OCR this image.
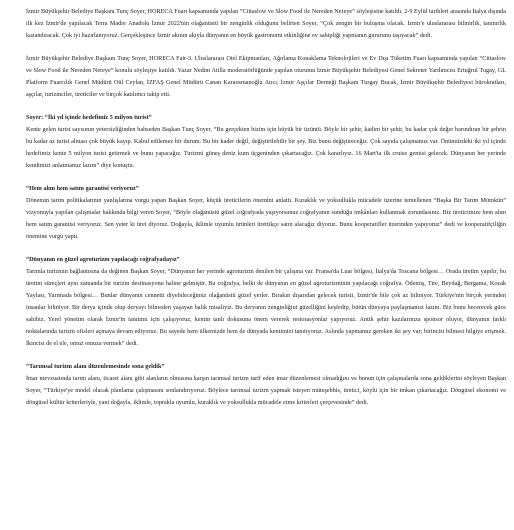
İzmir Büyükşehir Belediye Başkanı Tunç Soyer, HORECA Fuarı kapsamında yapılan “Cittaslow ve Slow Food ile Nereden Nereye” söyleşisine katıldı. 2-9 Eylül tarihleri arasında İtalya dışında ilk kez İzmir'de yapılacak Terra Madre Anadolu İzmir 2022'nin olağanüstü bir zenginlik olduğunu belirten Soyer, “Çok zengin bir buluşma olacak. İzmir'e uluslararası bilinirlik, tanınırlık kazandıracak. Çok iyi hazırlanıyoruz. Gerçekleşince İzmir akının akıyla dünyanın en büyük gastronomi etkinliğine ev sahipliği yapmanın gururunu taşıyacak” dedi.

İzmir Büyükşehir Belediye Başkanı Tunç Soyer, HORECA Fair-3. Uluslararası Otel Ekipmanları, Ağırlama Konaklama Teknolojileri ve Ev Dışı Tüketim Fuarı kapsamında yapılan “Cittaslow ve Slow Food ile Nereden Nereye” konulu söyleşiye katıldı. Yazar Nedim Atilla moderatörlüğünde yapılan oturumu İzmir Büyükşehir Belediyesi Genel Sekreter Yardımcısı Ertuğrul Tugay, GL Platform Fuarcılık Genel Müdürü Oül Ceylan, İZFAŞ Genel Müdürü Canan Karaosmanoğlu Atıcı, İzmir Aşçılar Derneği Başkanı Turgay Bucak, İzmir Büyükşehir Belediyesi bürokratları, aşçılar, turizmciler, üreticiler ve birçok katılımcı takip etti.

Soyer: “İki yıl içinde hedefimiz 5 milyon turist”

Kente gelen turist sayısının yetersizliğinden bahseden Başkan Tunç Soyer, “Bu gerçekten bizim için büyük bir üzüntü. Böyle bir şehir, kadim bir şehir, bu kadar çok değer barındıran bir şehrin bu kadar az turist alması çok büyük kayıp. Kabul edilemez bir durum. Bu bir kader değil, değiştirilebilir bir şey. Biz bunu değiştireceğiz. Çok sayıda çalışmamız var. Önümüzdeki iki yıl içinde hedefimiz kente 5 milyon turist getirmek ve bunu yapacağız. Turizmi güneş deniz kum üçgeninden çıkartacağız. Çok kararlıyız. 16 Mart'ta ilk cruise gemisi gelecek. Dünyanın her yerinde kendimizi anlatmamız lazım” diye konuştu.

“Hem alım hem satım garantisi veriyoruz”

Dönemin tarım politikalarının yanlışlarına vurgu yapan Başkan Soyer, küçük üreticilerin önemini anlattı. Kuraklık ve yoksullukla mücadele üzerine temellenen “Başka Bir Tarım Mümkün” vizyonuyla yapılan çalışmalar hakkında bilgi veren Soyer, “Böyle olağanüstü güzel coğrafyada yaşıyorsunuz coğrafyanın sunduğu imkânları kullanmak zorundasınız. Biz üreticimize hem alım hem satım garantisi veriyoruz. Sen yeter ki üret diyoruz. Doğayla, iklimle uyumlu ürünleri ürettikçe satın alacağız diyoruz. Bunu kooperatifler üzerinden yapıyoruz” dedi ve kooperatifçiliğin önemine vurgu yaptı.

“Dünyanın en güzel agroturizm yapılacağı coğrafyadayız”

Tarımla turizmin bağlantısına da değinen Başkan Soyer, “Dünyanın her yerinde agroturizm denilen bir çalışma var. Fransa'da Luar bölgesi, İtalya'da Toscana bölgesi… Orada üretim yapılır, bu üretim süreçleri aynı zamanda bir turizm destinasyonu haline gelmiştir. Bu coğrafya, belki de dünyanın en güzel agroturizminin yapılacağı coğrafya. Ödemiş, Tire, Beydağ, Bergama, Kozak Yaylası, Yarımada bölgesi… Bunlar dünyanın cennetti diyebileceğimiz olağanüstü güzel yerler. Bırakın dışarıdan gelecek turisti, İzmir'de bile çok az biliniyor. Türkiye'nin birçok yerinden insanlar biliniyor. Bir derya içinde olup deryayı bilmeden yaşayan balık misaliyiz. Bu deryanın zenginliğini güzelliğini keşfedip, bütün dünyaya paylaşmamız lazım. Biz bunu becerecek güce sahibiz. Yerel yönetim olarak İzmir'in tanıtımı için çalışıyoruz, kentin tanlı dokusuna önem vererek restorasyonlar yapıyoruz. Antik şehir kazılarınıza sponsor oluyor, dünyanın farklı noktalarında turizm ofisleri açmaya devam ediyoruz. Bu sayede hem ülkemizde hem de dünyada kentimizi tanıtıyoruz. Aslında yapmamız gereken iki şey var; birincisi bilmesi bilgiye erişmek. İkincisi de el ele, omuz omuza vermek” dedi.

“Tarımsal turizm alanı düzenlemesinde sona geldik”

İmar mevzuatında tarım alanı, ticaret alanı gibi alanların olmasına karşın tarımsal turizm tarif eden imar düzenlemesi olmadığını ve bunun için çalışmalarda sona geldiklerini söyleyen Başkan Soyer, “Türkiye'ye model olacak planlama çalışmasını sonlandırıyoruz. Böylece tarımsal turizm yapmak isteyen müteşebbis, üretici, köylü için bir imkan çıkartacağız. Döngüsel ekonomi ve döngüsel kültür kriterleriyle, yani doğayla, iklimle, toprakla uyumlu, kuraklık ve yoksullukla mücadele etme kriterleri çerçevesinde” dedi.
